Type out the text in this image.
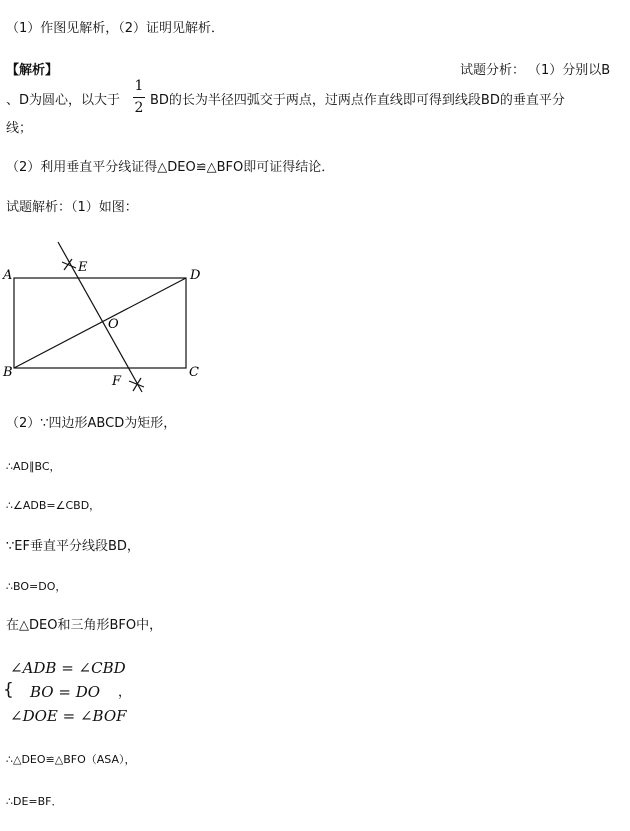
（1）作图见解析，（2）证明见解析．
【解析】	试题分析： （1）分别以B
、D为圆心，以大于
1
2 BD的长为半径四弧交于两点，过两点作直线即可得到线段BD的垂直平分
线；
（2）利用垂直平分线证得△DEO≌△BFO即可证得结论．
试题解析：（1）如图：
A
E
D
O
B	C
F
（2）∵四边形ABCD为矩形，
∴AD∥BC，
∴∠ADB=∠CBD，
∵EF垂直平分线段BD，
∴BO=DO，
在△DEO和三角形BFO中，
{
∠ADB = ∠CBD
BO = DO ，
∠DOE = ∠BOF
∴△DEO≌△BFO（ASA），
∴DE=BF．
